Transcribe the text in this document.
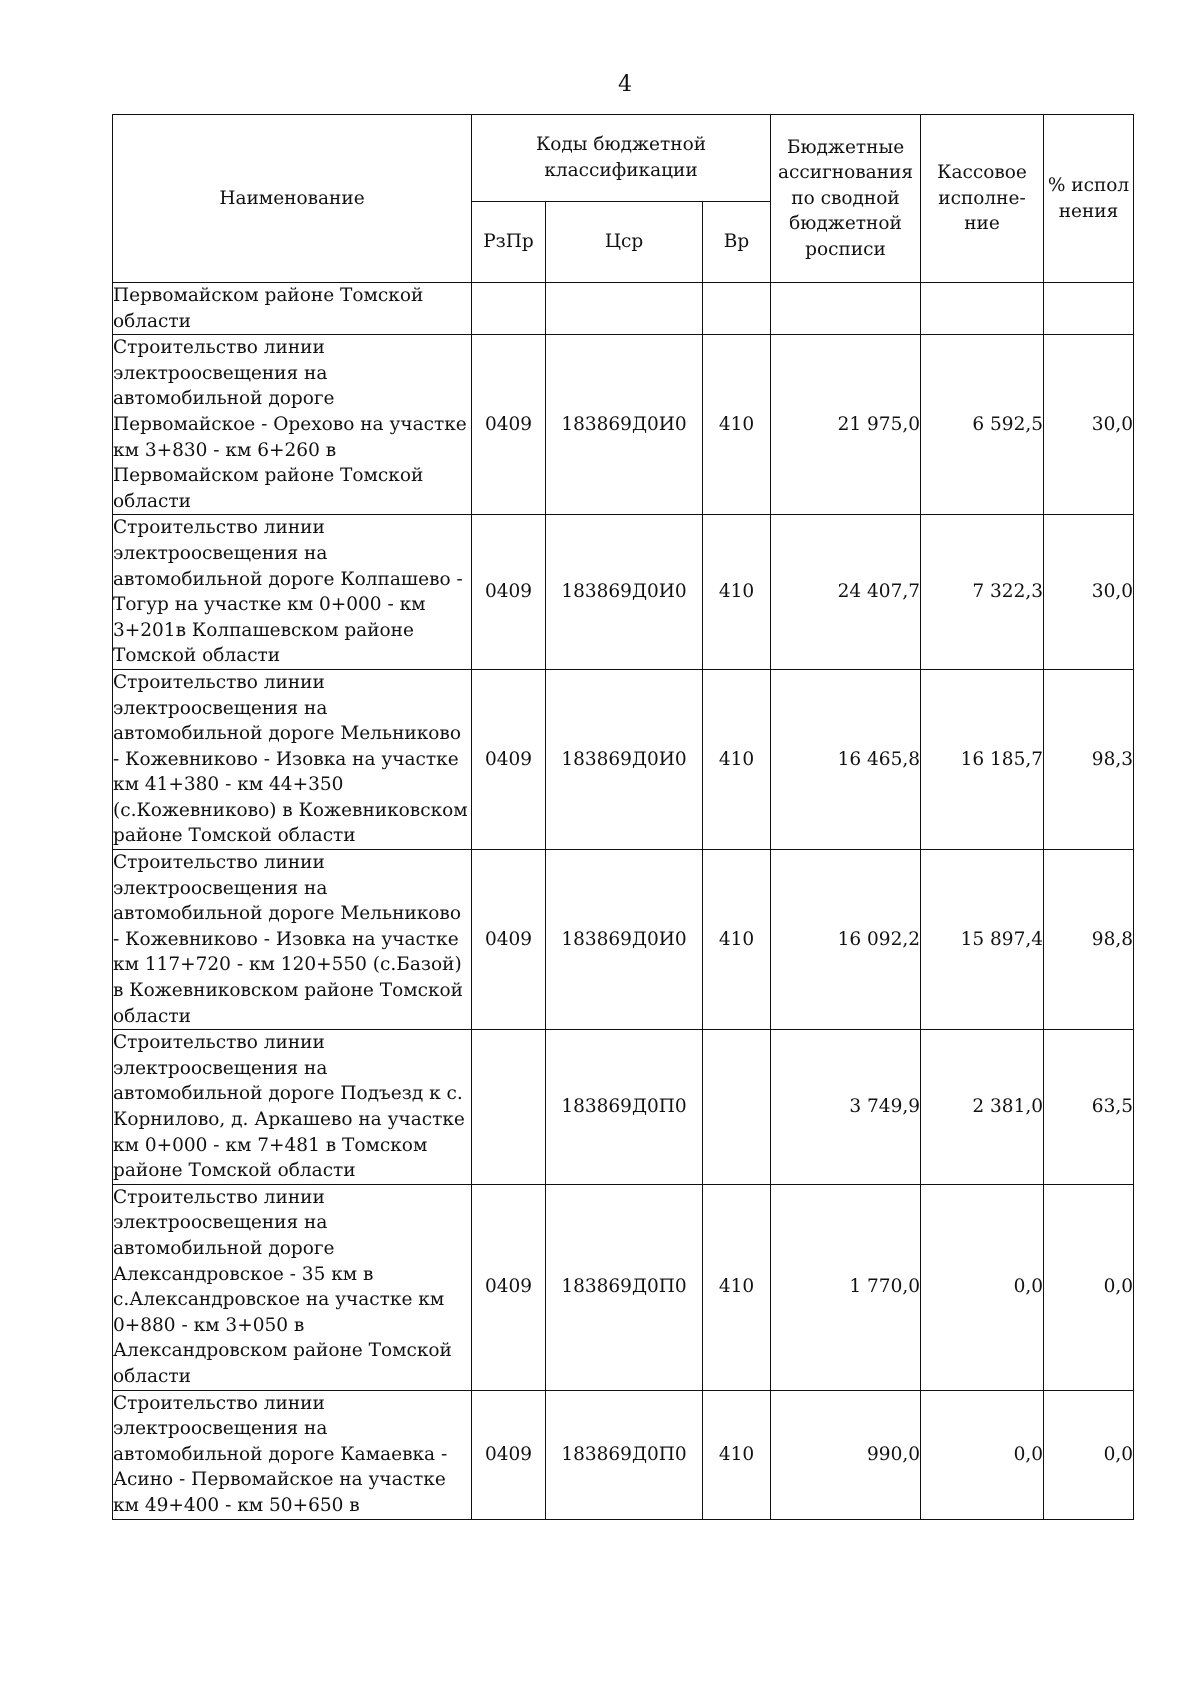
4
Наименование	Коды бюджетной классификации			Бюджетные ассигнования по сводной бюджетной росписи	Кассовое исполне-ние	% испол нения
	РзПр	Цср	Вр			
Первомайском районе Томской области						
Строительство линии электроосвещения на автомобильной дороге Первомайское - Орехово на участке км 3+830 - км 6+260 в Первомайском районе Томской области	0409	183869Д0И0	410	21 975,0	6 592,5	30,0
Строительство линии электроосвещения на автомобильной дороге Колпашево - Тогур на участке км 0+000 - км 3+201в Колпашевском районе Томской области	0409	183869Д0И0	410	24 407,7	7 322,3	30,0
Строительство линии электроосвещения на автомобильной дороге Мельниково - Кожевниково - Изовка на участке км 41+380 - км 44+350 (с.Кожевниково) в Кожевниковском районе Томской области	0409	183869Д0И0	410	16 465,8	16 185,7	98,3
Строительство линии электроосвещения на автомобильной дороге Мельниково - Кожевниково - Изовка на участке км 117+720 - км 120+550 (с.Базой) в Кожевниковском районе Томской области	0409	183869Д0И0	410	16 092,2	15 897,4	98,8
Строительство линии электроосвещения на автомобильной дороге Подъезд к с. Корнилово, д. Аркашево на участке км 0+000 - км 7+481 в Томском районе Томской области		183869Д0П0		3 749,9	2 381,0	63,5
Строительство линии электроосвещения на автомобильной дороге Александровское - 35 км в с.Александровское на участке км 0+880 - км 3+050 в Александровском районе Томской области	0409	183869Д0П0	410	1 770,0	0,0	0,0
Строительство линии электроосвещения на автомобильной дороге Камаевка - Асино - Первомайское на участке км 49+400 - км 50+650 в	0409	183869Д0П0	410	990,0	0,0	0,0
